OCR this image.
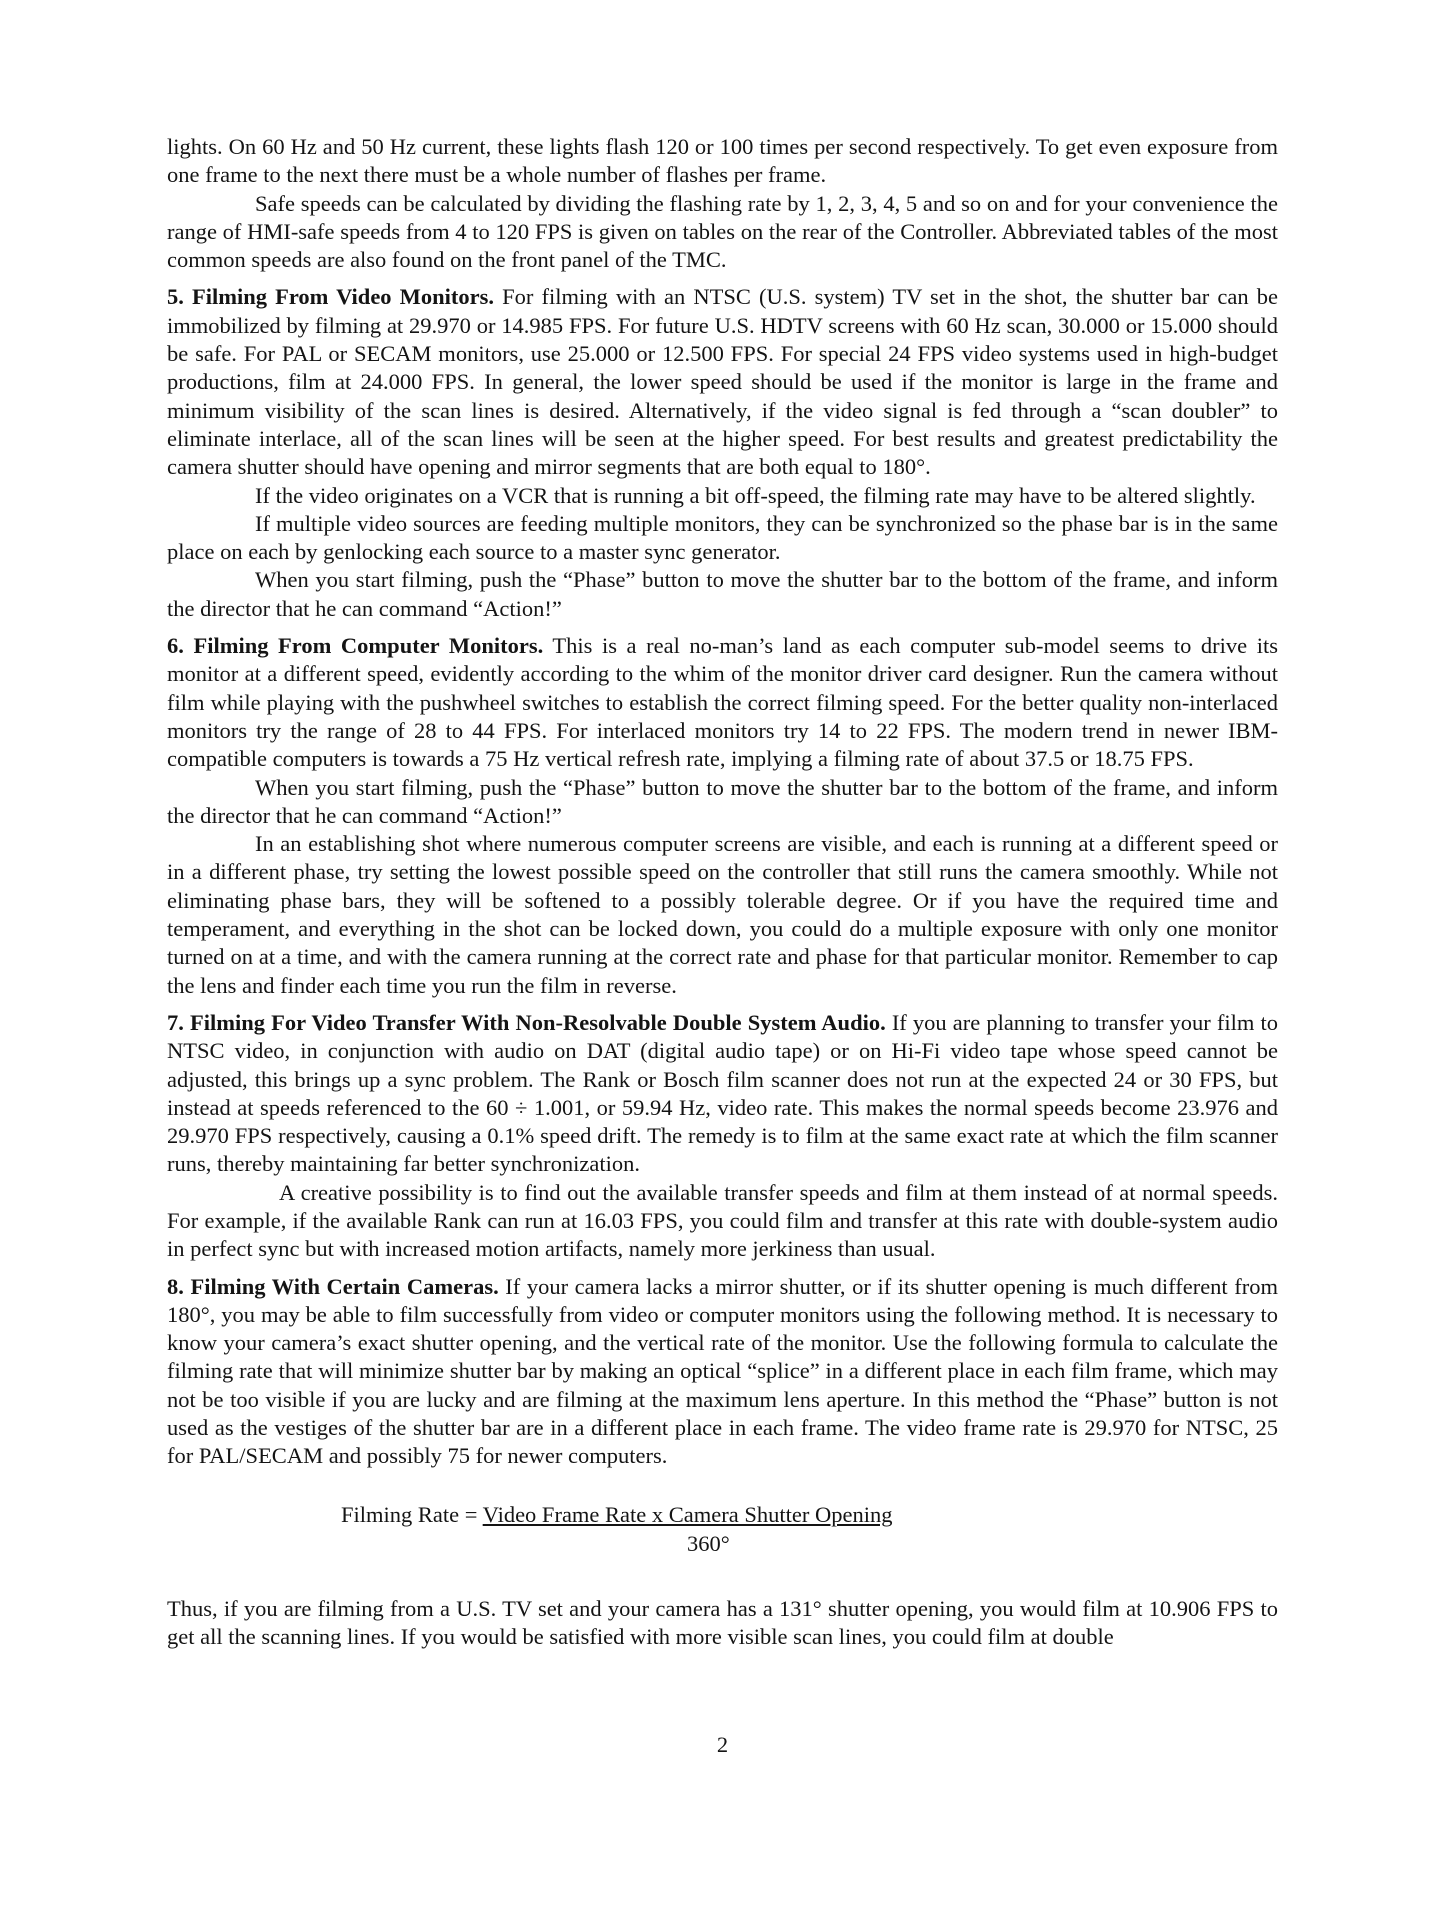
lights. On 60 Hz and 50 Hz current, these lights flash 120 or 100 times per second respectively. To get even exposure from one frame to the next there must be a whole number of flashes per frame.

Safe speeds can be calculated by dividing the flashing rate by 1, 2, 3, 4, 5 and so on and for your convenience the range of HMI-safe speeds from 4 to 120 FPS is given on tables on the rear of the Controller. Abbreviated tables of the most common speeds are also found on the front panel of the TMC.

5. Filming From Video Monitors. For filming with an NTSC (U.S. system) TV set in the shot, the shutter bar can be immobilized by filming at 29.970 or 14.985 FPS. For future U.S. HDTV screens with 60 Hz scan, 30.000 or 15.000 should be safe. For PAL or SECAM monitors, use 25.000 or 12.500 FPS. For special 24 FPS video systems used in high-budget productions, film at 24.000 FPS. In general, the lower speed should be used if the monitor is large in the frame and minimum visibility of the scan lines is desired. Alternatively, if the video signal is fed through a “scan doubler” to eliminate interlace, all of the scan lines will be seen at the higher speed. For best results and greatest predictability the camera shutter should have opening and mirror segments that are both equal to 180°.

If the video originates on a VCR that is running a bit off-speed, the filming rate may have to be altered slightly.

If multiple video sources are feeding multiple monitors, they can be synchronized so the phase bar is in the same place on each by genlocking each source to a master sync generator.

When you start filming, push the “Phase” button to move the shutter bar to the bottom of the frame, and inform the director that he can command “Action!”

6. Filming From Computer Monitors. This is a real no-man’s land as each computer sub-model seems to drive its monitor at a different speed, evidently according to the whim of the monitor driver card designer. Run the camera without film while playing with the pushwheel switches to establish the correct filming speed. For the better quality non-interlaced monitors try the range of 28 to 44 FPS. For interlaced monitors try 14 to 22 FPS. The modern trend in newer IBM-compatible computers is towards a 75 Hz vertical refresh rate, implying a filming rate of about 37.5 or 18.75 FPS.

When you start filming, push the “Phase” button to move the shutter bar to the bottom of the frame, and inform the director that he can command “Action!”

In an establishing shot where numerous computer screens are visible, and each is running at a different speed or in a different phase, try setting the lowest possible speed on the controller that still runs the camera smoothly. While not eliminating phase bars, they will be softened to a possibly tolerable degree. Or if you have the required time and temperament, and everything in the shot can be locked down, you could do a multiple exposure with only one monitor turned on at a time, and with the camera running at the correct rate and phase for that particular monitor. Remember to cap the lens and finder each time you run the film in reverse.

7. Filming For Video Transfer With Non-Resolvable Double System Audio. If you are planning to transfer your film to NTSC video, in conjunction with audio on DAT (digital audio tape) or on Hi-Fi video tape whose speed cannot be adjusted, this brings up a sync problem. The Rank or Bosch film scanner does not run at the expected 24 or 30 FPS, but instead at speeds referenced to the 60 ÷ 1.001, or 59.94 Hz, video rate. This makes the normal speeds become 23.976 and 29.970 FPS respectively, causing a 0.1% speed drift. The remedy is to film at the same exact rate at which the film scanner runs, thereby maintaining far better synchronization.

A creative possibility is to find out the available transfer speeds and film at them instead of at normal speeds. For example, if the available Rank can run at 16.03 FPS, you could film and transfer at this rate with double-system audio in perfect sync but with increased motion artifacts, namely more jerkiness than usual.

8. Filming With Certain Cameras. If your camera lacks a mirror shutter, or if its shutter opening is much different from 180°, you may be able to film successfully from video or computer monitors using the following method. It is necessary to know your camera’s exact shutter opening, and the vertical rate of the monitor. Use the following formula to calculate the filming rate that will minimize shutter bar by making an optical “splice” in a different place in each film frame, which may not be too visible if you are lucky and are filming at the maximum lens aperture. In this method the “Phase” button is not used as the vestiges of the shutter bar are in a different place in each frame. The video frame rate is 29.970 for NTSC, 25 for PAL/SECAM and possibly 75 for newer computers.

Filming Rate = Video Frame Rate x Camera Shutter Opening
360°

Thus, if you are filming from a U.S. TV set and your camera has a 131° shutter opening, you would film at 10.906 FPS to get all the scanning lines. If you would be satisfied with more visible scan lines, you could film at double

2
